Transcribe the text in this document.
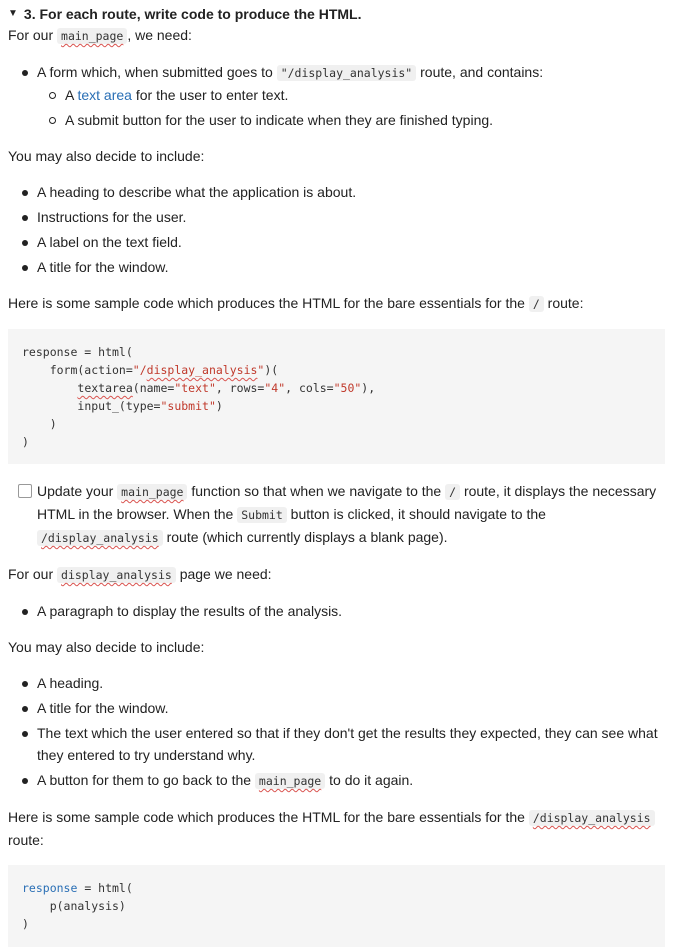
▼ 3. For each route, write code to produce the HTML.

For our main_page , we need:

A form which, when submitted goes to "/display_analysis" route, and contains:
A text area for the user to enter text.
A submit button for the user to indicate when they are finished typing.

You may also decide to include:

A heading to describe what the application is about.
Instructions for the user.
A label on the text field.
A title for the window.

Here is some sample code which produces the HTML for the bare essentials for the / route:

response = html(
form(action="/display_analysis")(
textarea(name="text", rows="4", cols="50"),
input_(type="submit")
)
)
Update your main_page function so that when we navigate to the / route, it displays the necessary HTML in the browser. When the Submit button is clicked, it should navigate to the /display_analysis route (which currently displays a blank page).

For our display_analysis page we need:

A paragraph to display the results of the analysis.

You may also decide to include:

A heading.
A title for the window.
The text which the user entered so that if they don't get the results they expected, they can see what they entered to try understand why.
A button for them to go back to the main_page to do it again.

Here is some sample code which produces the HTML for the bare essentials for the /display_analysis route:

response = html(
p(analysis)
)
